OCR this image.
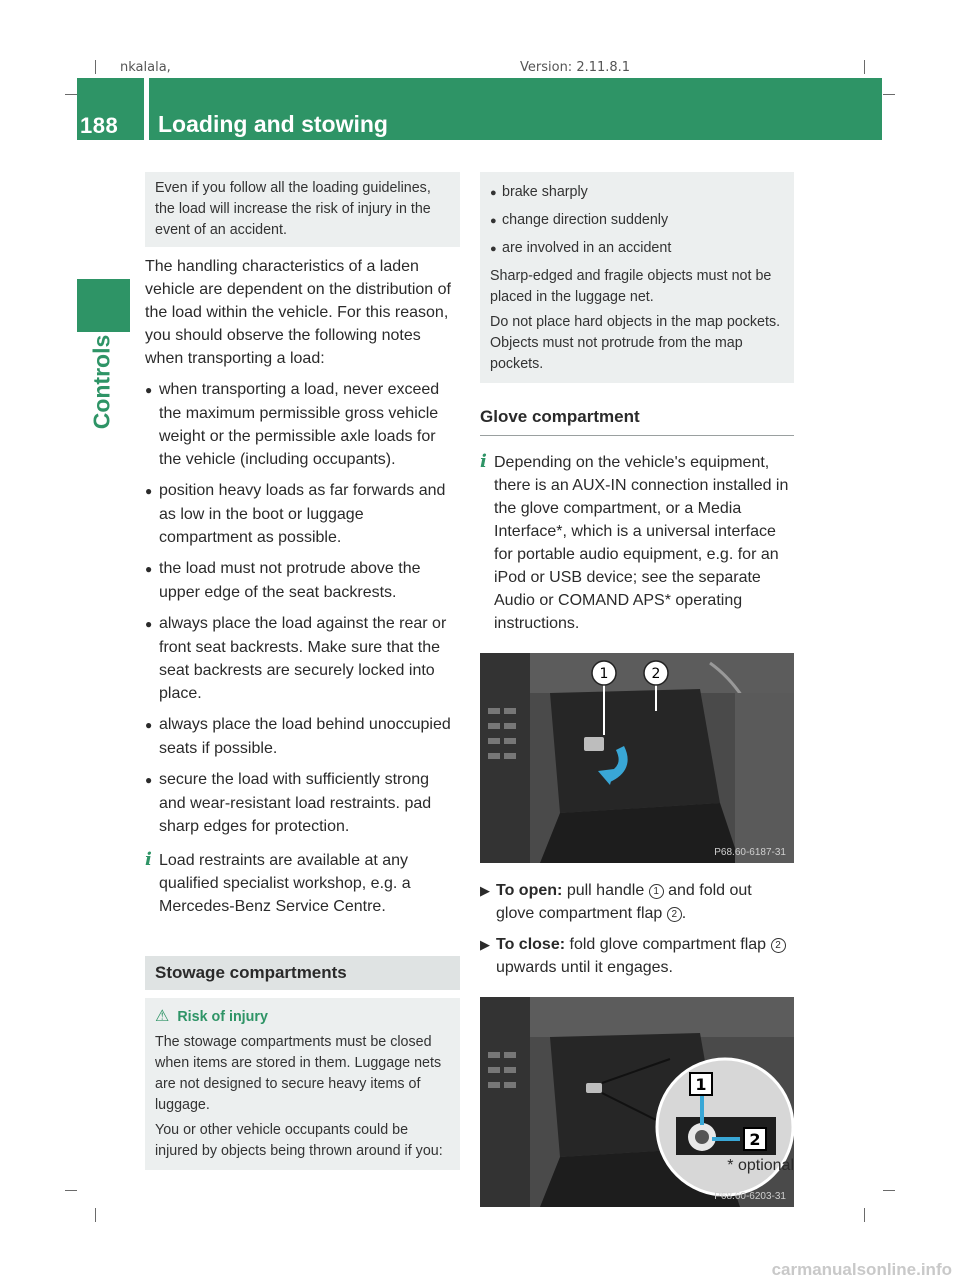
nkalala,	Version: 2.11.8.1
188 Loading and stowing
Controls

Even if you follow all the loading guidelines, the load will increase the risk of injury in the event of an accident.

The handling characteristics of a laden vehicle are dependent on the distribution of the load within the vehicle. For this reason, you should observe the following notes when transporting a load:

● when transporting a load, never exceed the maximum permissible gross vehicle weight or the permissible axle loads for the vehicle (including occupants).

● position heavy loads as far forwards and as low in the boot or luggage compartment as possible.

● the load must not protrude above the upper edge of the seat backrests.

● always place the load against the rear or front seat backrests. Make sure that the seat backrests are securely locked into place.

● always place the load behind unoccupied seats if possible.

● secure the load with sufficiently strong and wear-resistant load restraints. pad sharp edges for protection.

i Load restraints are available at any qualified specialist workshop, e.g. a Mercedes-Benz Service Centre.

Stowage compartments
⚠ Risk of injury

The stowage compartments must be closed when items are stored in them. Luggage nets are not designed to secure heavy items of luggage.

You or other vehicle occupants could be injured by objects being thrown around if you:

● brake sharply

● change direction suddenly

● are involved in an accident

Sharp-edged and fragile objects must not be placed in the luggage net.

Do not place hard objects in the map pockets. Objects must not protrude from the map pockets.

Glove compartment

i Depending on the vehicle's equipment, there is an AUX-IN connection installed in the glove compartment, or a Media Interface*, which is a universal interface for portable audio equipment, e.g. for an iPod or USB device; see the separate Audio or COMAND APS* operating instructions.

1	2
P68.60-6187-31

▶ To open: pull handle 1 and fold out glove compartment flap 2 .

▶ To close: fold glove compartment flap 2 upwards until it engages.

1
2
P68.60-6203-31
* optional
carmanualsonline.info
